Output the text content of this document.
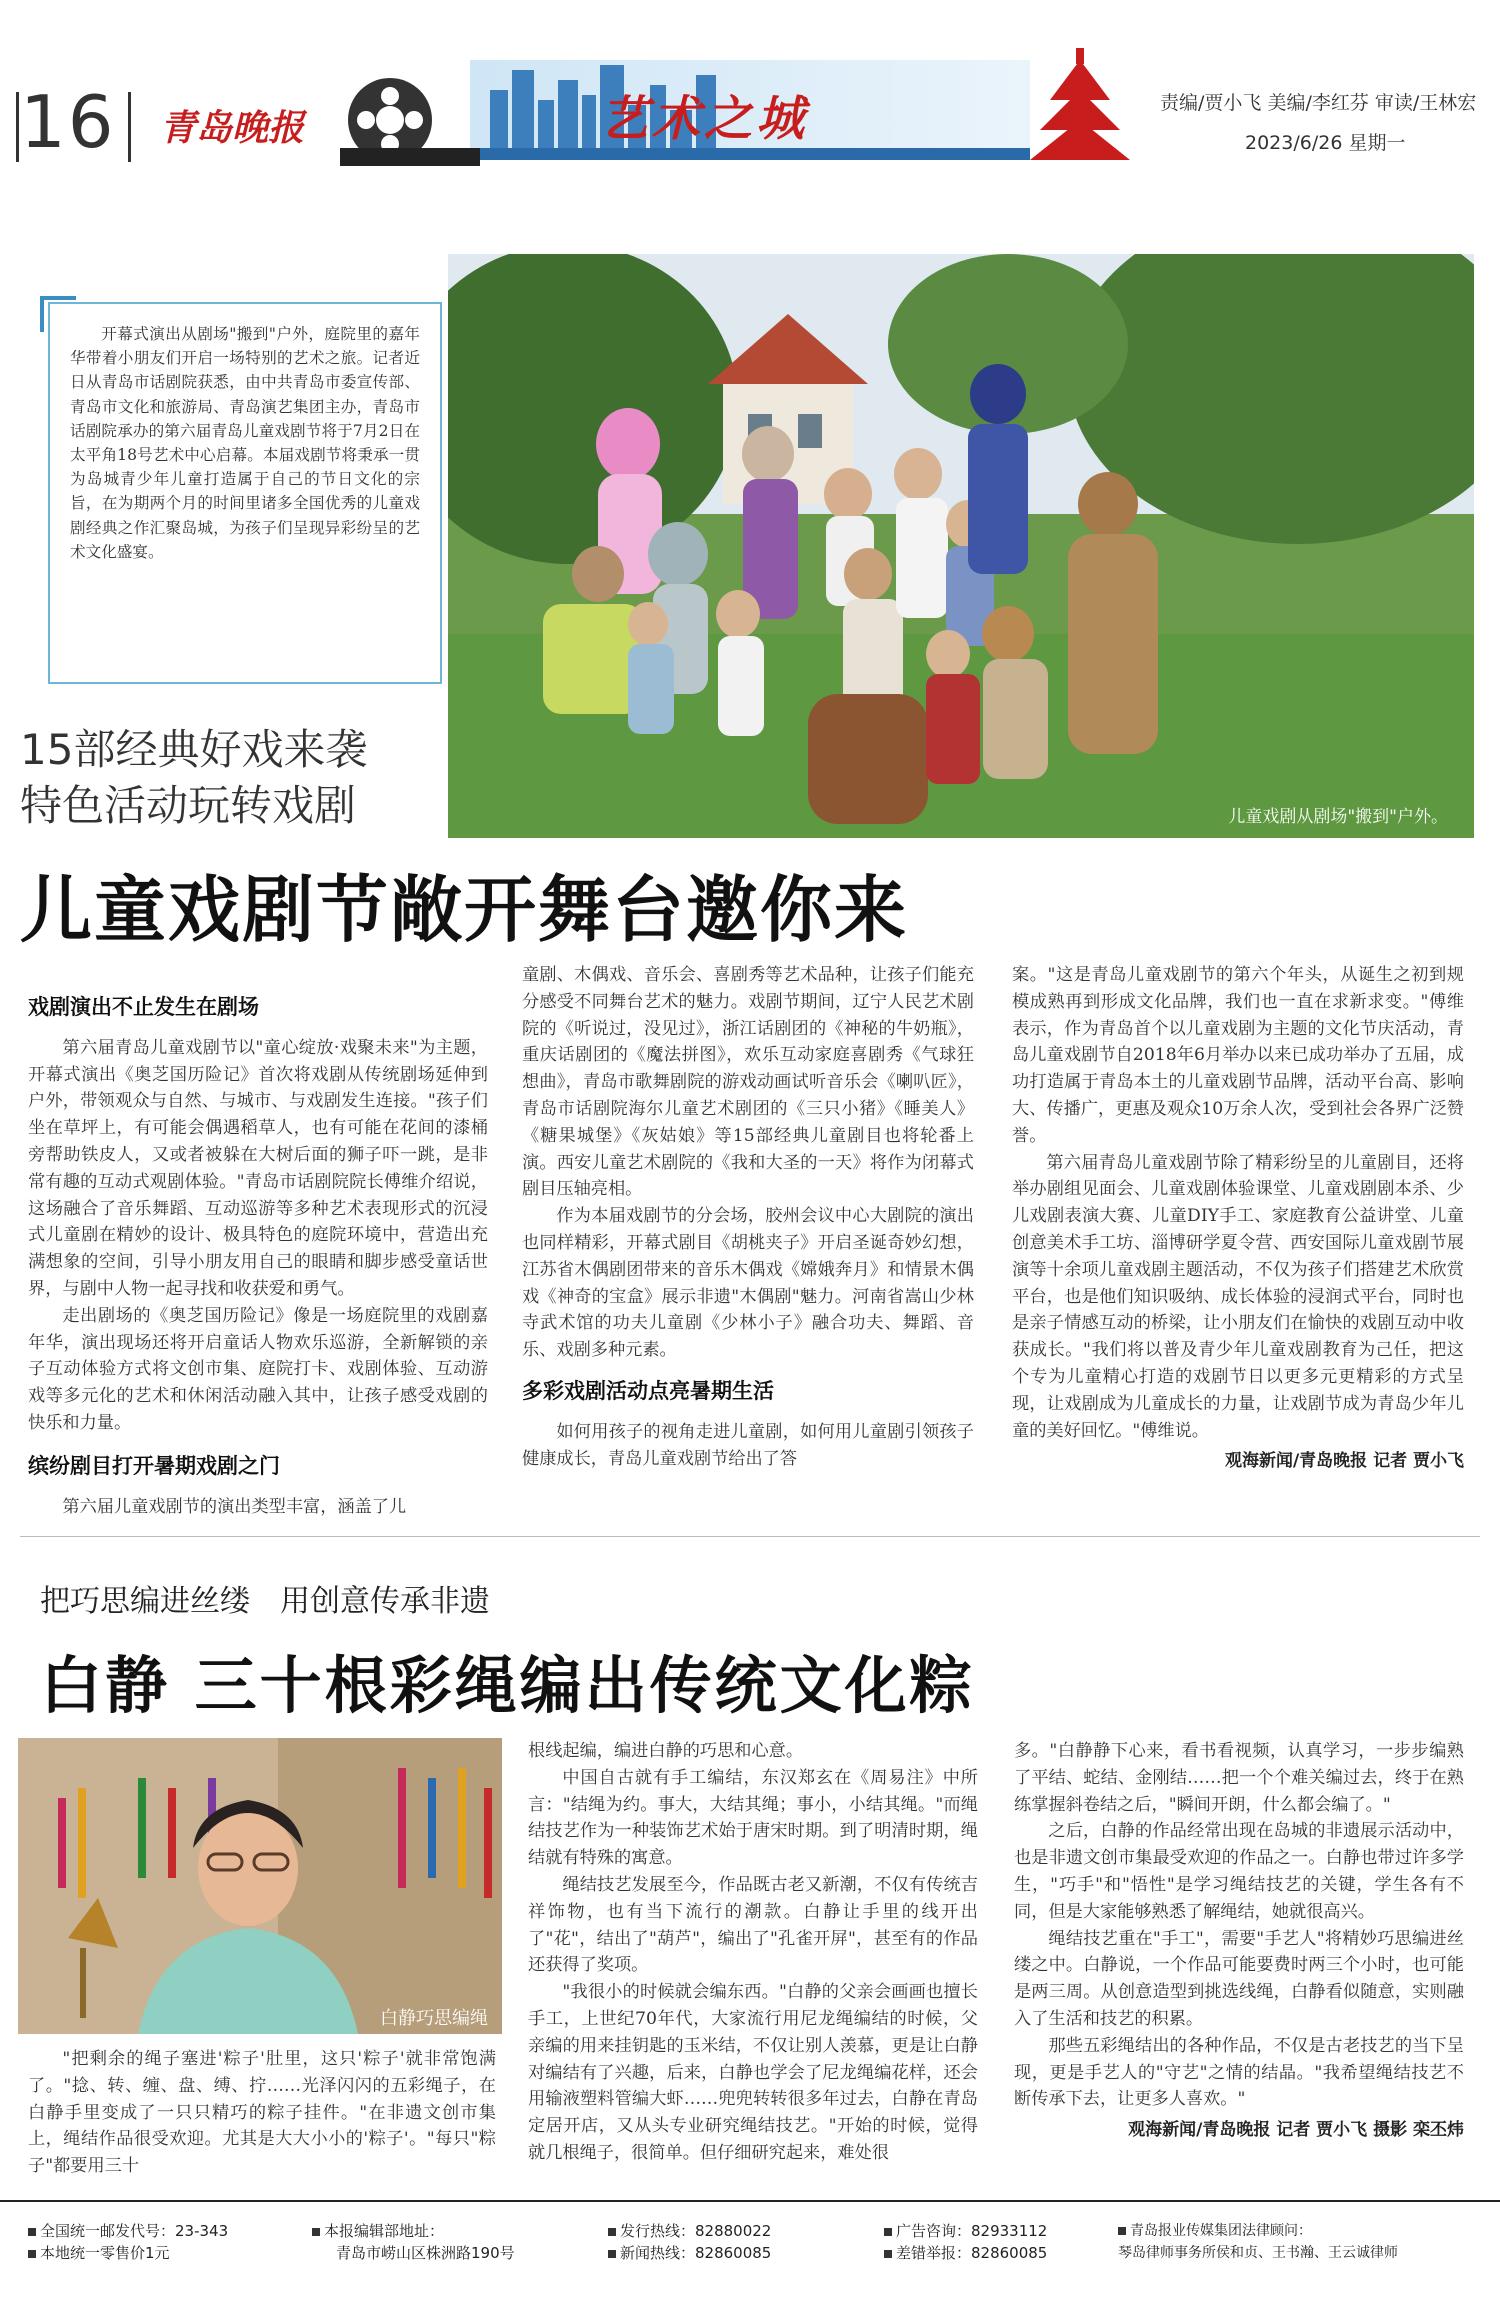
16 青岛晚报	艺术之城	责编/贾小飞 美编/李红芬 审读/王林宏
2023/6/26 星期一
儿童戏剧从剧场"搬到"户外。

开幕式演出从剧场"搬到"户外，庭院里的嘉年华带着小朋友们开启一场特别的艺术之旅。记者近日从青岛市话剧院获悉，由中共青岛市委宣传部、青岛市文化和旅游局、青岛演艺集团主办，青岛市话剧院承办的第六届青岛儿童戏剧节将于7月2日在太平角18号艺术中心启幕。本届戏剧节将秉承一贯为岛城青少年儿童打造属于自己的节日文化的宗旨，在为期两个月的时间里诸多全国优秀的儿童戏剧经典之作汇聚岛城，为孩子们呈现异彩纷呈的艺术文化盛宴。

15部经典好戏来袭
特色活动玩转戏剧
儿童戏剧节敞开舞台邀你来
戏剧演出不止发生在剧场

第六届青岛儿童戏剧节以"童心绽放·戏聚未来"为主题，开幕式演出《奥芝国历险记》首次将戏剧从传统剧场延伸到户外，带领观众与自然、与城市、与戏剧发生连接。"孩子们坐在草坪上，有可能会偶遇稻草人，也有可能在花间的漆桶旁帮助铁皮人，又或者被躲在大树后面的狮子吓一跳，是非常有趣的互动式观剧体验。"青岛市话剧院院长傅维介绍说，这场融合了音乐舞蹈、互动巡游等多种艺术表现形式的沉浸式儿童剧在精妙的设计、极具特色的庭院环境中，营造出充满想象的空间，引导小朋友用自己的眼睛和脚步感受童话世界，与剧中人物一起寻找和收获爱和勇气。

走出剧场的《奥芝国历险记》像是一场庭院里的戏剧嘉年华，演出现场还将开启童话人物欢乐巡游，全新解锁的亲子互动体验方式将文创市集、庭院打卡、戏剧体验、互动游戏等多元化的艺术和休闲活动融入其中，让孩子感受戏剧的快乐和力量。

缤纷剧目打开暑期戏剧之门

第六届儿童戏剧节的演出类型丰富，涵盖了儿

童剧、木偶戏、音乐会、喜剧秀等艺术品种，让孩子们能充分感受不同舞台艺术的魅力。戏剧节期间，辽宁人民艺术剧院的《听说过，没见过》，浙江话剧团的《神秘的牛奶瓶》，重庆话剧团的《魔法拼图》，欢乐互动家庭喜剧秀《气球狂想曲》，青岛市歌舞剧院的游戏动画试听音乐会《喇叭匠》，青岛市话剧院海尔儿童艺术剧团的《三只小猪》《睡美人》《糖果城堡》《灰姑娘》等15部经典儿童剧目也将轮番上演。西安儿童艺术剧院的《我和大圣的一天》将作为闭幕式剧目压轴亮相。

作为本届戏剧节的分会场，胶州会议中心大剧院的演出也同样精彩，开幕式剧目《胡桃夹子》开启圣诞奇妙幻想，江苏省木偶剧团带来的音乐木偶戏《嫦娥奔月》和情景木偶戏《神奇的宝盒》展示非遗"木偶剧"魅力。河南省嵩山少林寺武术馆的功夫儿童剧《少林小子》融合功夫、舞蹈、音乐、戏剧多种元素。

多彩戏剧活动点亮暑期生活

如何用孩子的视角走进儿童剧，如何用儿童剧引领孩子健康成长，青岛儿童戏剧节给出了答

案。"这是青岛儿童戏剧节的第六个年头，从诞生之初到规模成熟再到形成文化品牌，我们也一直在求新求变。"傅维表示，作为青岛首个以儿童戏剧为主题的文化节庆活动，青岛儿童戏剧节自2018年6月举办以来已成功举办了五届，成功打造属于青岛本土的儿童戏剧节品牌，活动平台高、影响大、传播广，更惠及观众10万余人次，受到社会各界广泛赞誉。

第六届青岛儿童戏剧节除了精彩纷呈的儿童剧目，还将举办剧组见面会、儿童戏剧体验课堂、儿童戏剧剧本杀、少儿戏剧表演大赛、儿童DIY手工、家庭教育公益讲堂、儿童创意美术手工坊、淄博研学夏令营、西安国际儿童戏剧节展演等十余项儿童戏剧主题活动，不仅为孩子们搭建艺术欣赏平台，也是他们知识吸纳、成长体验的浸润式平台，同时也是亲子情感互动的桥梁，让小朋友们在愉快的戏剧互动中收获成长。"我们将以普及青少年儿童戏剧教育为己任，把这个专为儿童精心打造的戏剧节日以更多元更精彩的方式呈现，让戏剧成为儿童成长的力量，让戏剧节成为青岛少年儿童的美好回忆。"傅维说。

观海新闻/青岛晚报 记者 贾小飞
把巧思编进丝缕　用创意传承非遗
白静 三十根彩绳编出传统文化粽
白静巧思编绳

"把剩余的绳子塞进'粽子'肚里，这只'粽子'就非常饱满了。"捻、转、缠、盘、缚、拧……光泽闪闪的五彩绳子，在白静手里变成了一只只精巧的粽子挂件。"在非遗文创市集上，绳结作品很受欢迎。尤其是大大小小的'粽子'。"每只"粽子"都要用三十

根线起编，编进白静的巧思和心意。

中国自古就有手工编结，东汉郑玄在《周易注》中所言："结绳为约。事大，大结其绳；事小，小结其绳。"而绳结技艺作为一种装饰艺术始于唐宋时期。到了明清时期，绳结就有特殊的寓意。

绳结技艺发展至今，作品既古老又新潮，不仅有传统吉祥饰物，也有当下流行的潮款。白静让手里的线开出了"花"，结出了"葫芦"，编出了"孔雀开屏"，甚至有的作品还获得了奖项。

"我很小的时候就会编东西。"白静的父亲会画画也擅长手工，上世纪70年代，大家流行用尼龙绳编结的时候，父亲编的用来挂钥匙的玉米结，不仅让别人羡慕，更是让白静对编结有了兴趣，后来，白静也学会了尼龙绳编花样，还会用输液塑料管编大虾……兜兜转转很多年过去，白静在青岛定居开店，又从头专业研究绳结技艺。"开始的时候，觉得就几根绳子，很简单。但仔细研究起来，难处很

多。"白静静下心来，看书看视频，认真学习，一步步编熟了平结、蛇结、金刚结……把一个个难关编过去，终于在熟练掌握斜卷结之后，"瞬间开朗，什么都会编了。"

之后，白静的作品经常出现在岛城的非遗展示活动中，也是非遗文创市集最受欢迎的作品之一。白静也带过许多学生，"巧手"和"悟性"是学习绳结技艺的关键，学生各有不同，但是大家能够熟悉了解绳结，她就很高兴。

绳结技艺重在"手工"，需要"手艺人"将精妙巧思编进丝缕之中。白静说，一个作品可能要费时两三个小时，也可能是两三周。从创意造型到挑选线绳，白静看似随意，实则融入了生活和技艺的积累。

那些五彩绳结出的各种作品，不仅是古老技艺的当下呈现，更是手艺人的"守艺"之情的结晶。"我希望绳结技艺不断传承下去，让更多人喜欢。"

观海新闻/青岛晚报 记者 贾小飞 摄影 栾丕炜
全国统一邮发代号：23-343
本地统一零售价1元
本报编辑部地址：
青岛市崂山区株洲路190号
发行热线：82880022
新闻热线：82860085
广告咨询：82933112
差错举报：82860085
青岛报业传媒集团法律顾问：
琴岛律师事务所侯和贞、王书瀚、王云诚律师
